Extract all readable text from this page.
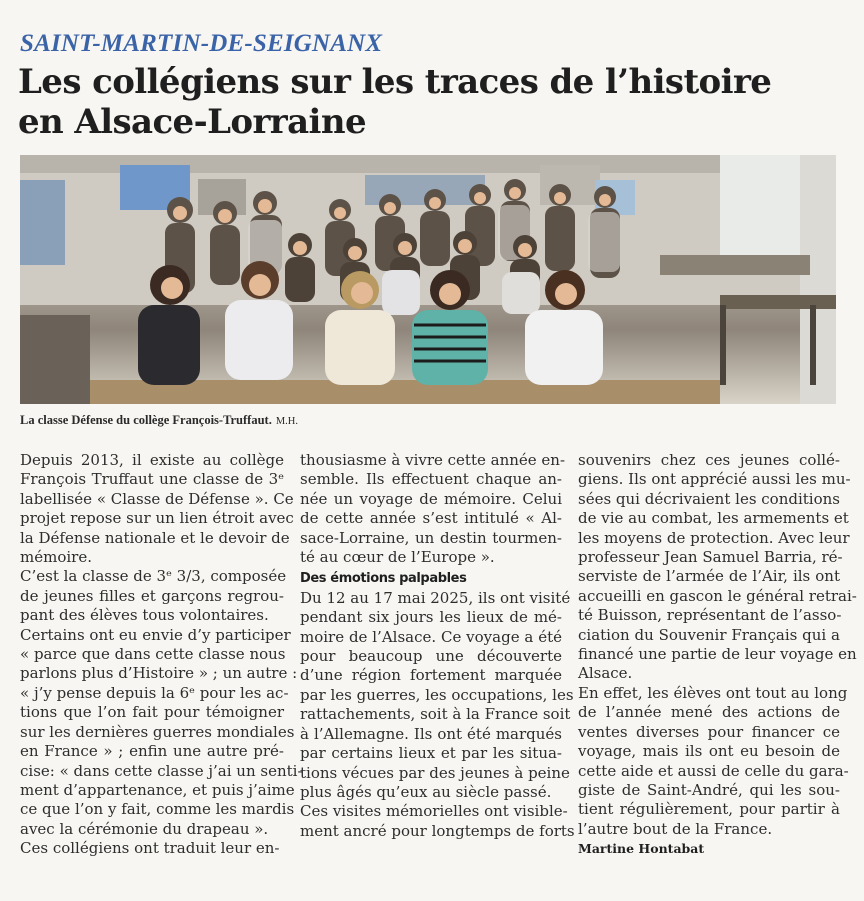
SAINT-MARTIN-DE-SEIGNANX
Les collégiens sur les traces de l’histoire
en Alsace-Lorraine
La classe Défense du collège François-Truffaut. M.H.
Depuis 2013, il existe au collège
François Truffaut une classe de 3ᵉ
labellisée « Classe de Défense ». Ce
projet repose sur un lien étroit avec
la Défense nationale et le devoir de
mémoire.
C’est la classe de 3ᵉ 3/3, composée
de jeunes filles et garçons regrou-
pant des élèves tous volontaires.
Certains ont eu envie d’y participer
« parce que dans cette classe nous
parlons plus d’Histoire » ; un autre :
« j’y pense depuis la 6ᵉ pour les ac-
tions que l’on fait pour témoigner
sur les dernières guerres mondiales
en France » ; enfin une autre pré-
cise: « dans cette classe j’ai un senti-
ment d’appartenance, et puis j’aime
ce que l’on y fait, comme les mardis
avec la cérémonie du drapeau ».
Ces collégiens ont traduit leur en-
thousiasme à vivre cette année en-
semble. Ils effectuent chaque an-
née un voyage de mémoire. Celui
de cette année s’est intitulé « Al-
sace-Lorraine, un destin tourmen-
té au cœur de l’Europe ».
Des émotions palpables
Du 12 au 17 mai 2025, ils ont visité
pendant six jours les lieux de mé-
moire de l’Alsace. Ce voyage a été
pour beaucoup une découverte
d’une région fortement marquée
par les guerres, les occupations, les
rattachements, soit à la France soit
à l’Allemagne. Ils ont été marqués
par certains lieux et par les situa-
tions vécues par des jeunes à peine
plus âgés qu’eux au siècle passé.
Ces visites mémorielles ont visible-
ment ancré pour longtemps de forts
souvenirs chez ces jeunes collé-
giens. Ils ont apprécié aussi les mu-
sées qui décrivaient les conditions
de vie au combat, les armements et
les moyens de protection. Avec leur
professeur Jean Samuel Barria, ré-
serviste de l’armée de l’Air, ils ont
accueilli en gascon le général retrai-
té Buisson, représentant de l’asso-
ciation du Souvenir Français qui a
financé une partie de leur voyage en
Alsace.
En effet, les élèves ont tout au long
de l’année mené des actions de
ventes diverses pour financer ce
voyage, mais ils ont eu besoin de
cette aide et aussi de celle du gara-
giste de Saint-André, qui les sou-
tient régulièrement, pour partir à
l’autre bout de la France.
Martine Hontabat
